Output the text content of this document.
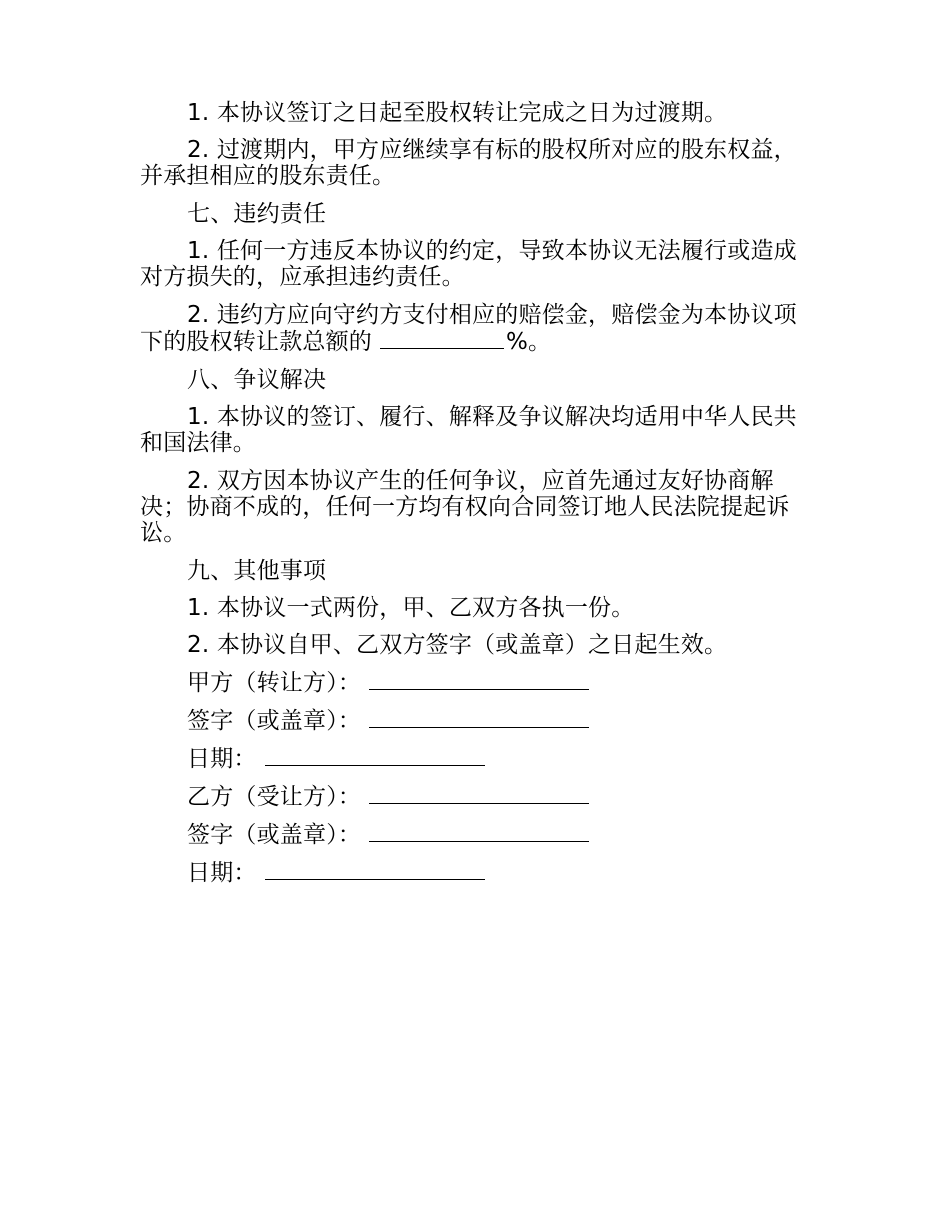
1. 本协议签订之日起至股权转让完成之日为过渡期。

2. 过渡期内，甲方应继续享有标的股权所对应的股东权益，并承担相应的股东责任。

七、违约责任

1. 任何一方违反本协议的约定，导致本协议无法履行或造成对方损失的，应承担违约责任。

2. 违约方应向守约方支付相应的赔偿金，赔偿金为本协议项下的股权转让款总额的	%。

八、争议解决

1. 本协议的签订、履行、解释及争议解决均适用中华人民共和国法律。

2. 双方因本协议产生的任何争议，应首先通过友好协商解决；协商不成的，任何一方均有权向合同签订地人民法院提起诉讼。

九、其他事项

1. 本协议一式两份，甲、乙双方各执一份。

2. 本协议自甲、乙双方签字（或盖章）之日起生效。

甲方（转让方）：
签字（或盖章）：
日期：
乙方（受让方）：
签字（或盖章）：
日期：
